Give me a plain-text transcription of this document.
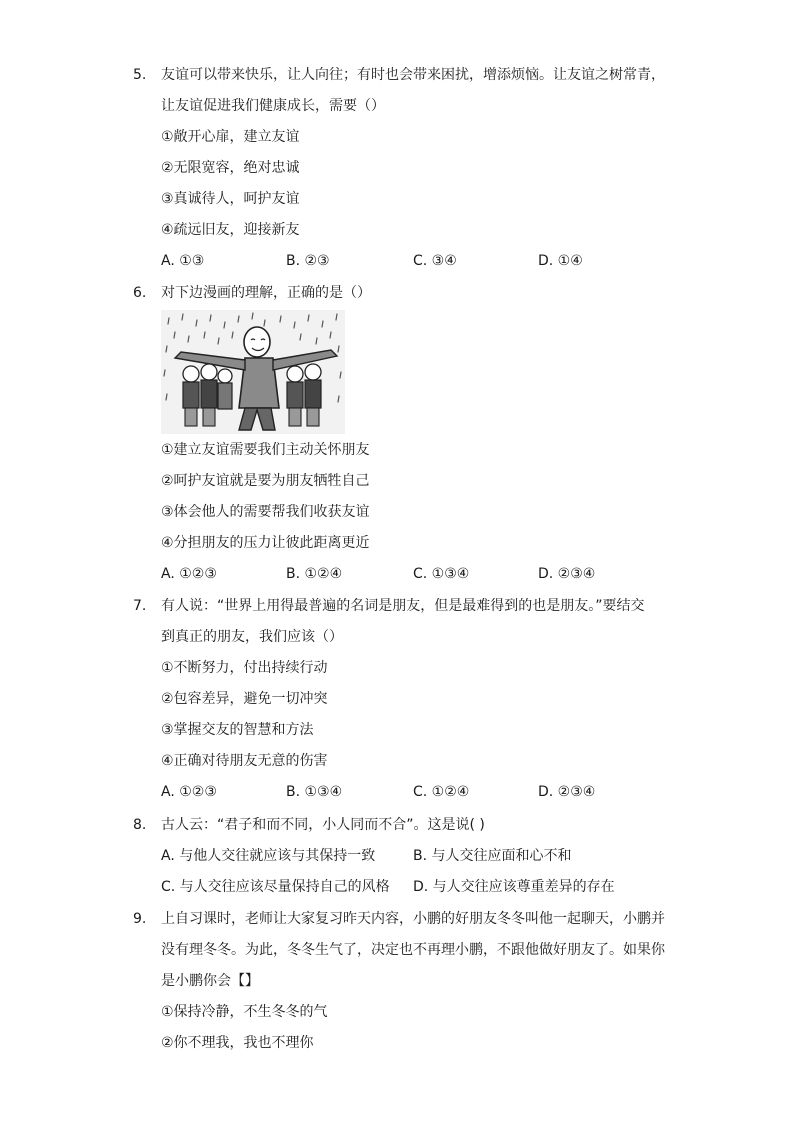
5.	友谊可以带来快乐，让人向往；有时也会带来困扰，增添烦恼。让友谊之树常青，
让友谊促进我们健康成长，需要（）
①敞开心扉，建立友谊
②无限宽容，绝对忠诚
③真诚待人，呵护友谊
④疏远旧友，迎接新友
A. ①③	B. ②③	C. ③④	D. ①④
6.	对下边漫画的理解，正确的是（）
①建立友谊需要我们主动关怀朋友
②呵护友谊就是要为朋友牺牲自己
③体会他人的需要帮我们收获友谊
④分担朋友的压力让彼此距离更近
A. ①②③	B. ①②④	C. ①③④	D. ②③④
7.	有人说：“世界上用得最普遍的名词是朋友，但是最难得到的也是朋友。”要结交
到真正的朋友，我们应该（）
①不断努力，付出持续行动
②包容差异，避免一切冲突
③掌握交友的智慧和方法
④正确对待朋友无意的伤害
A. ①②③	B. ①③④	C. ①②④	D. ②③④
8.	古人云：“君子和而不同，小人同而不合”。这是说( )
A. 与他人交往就应该与其保持一致	B. 与人交往应面和心不和
C. 与人交往应该尽量保持自己的风格 D. 与人交往应该尊重差异的存在
9.	上自习课时，老师让大家复习昨天内容，小鹏的好朋友冬冬叫他一起聊天，小鹏并
没有理冬冬。为此，冬冬生气了，决定也不再理小鹏，不跟他做好朋友了。如果你
是小鹏你会【】
①保持冷静，不生冬冬的气
②你不理我，我也不理你
